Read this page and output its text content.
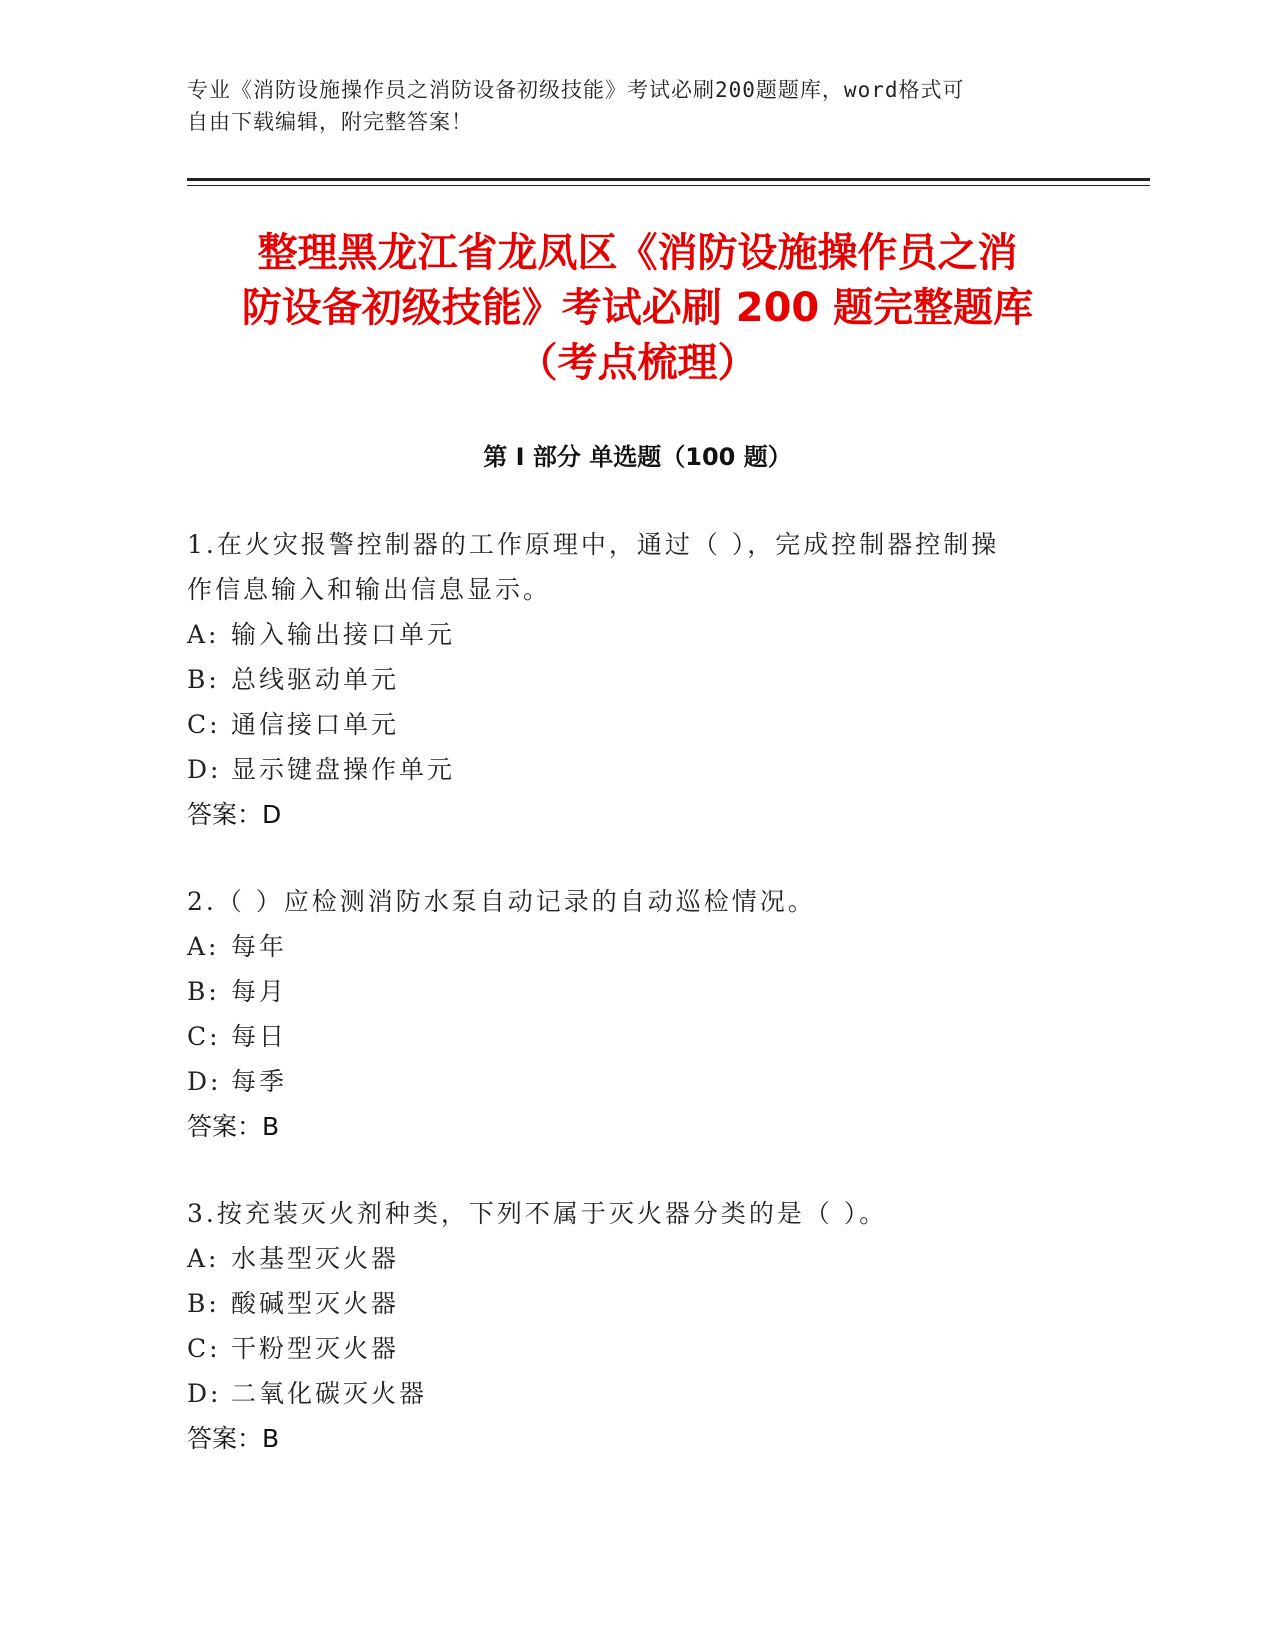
专业《消防设施操作员之消防设备初级技能》考试必刷200题题库，word格式可
自由下载编辑，附完整答案！
整理黑龙江省龙凤区《消防设施操作员之消
防设备初级技能》考试必刷 200 题完整题库
（考点梳理）
第 I 部分 单选题（100 题）

1.在火灾报警控制器的工作原理中，通过（ ），完成控制器控制操

作信息输入和输出信息显示。

A: 输入输出接口单元
B: 总线驱动单元
C: 通信接口单元
D: 显示键盘操作单元

答案：D

2.（ ）应检测消防水泵自动记录的自动巡检情况。

A: 每年
B: 每月
C: 每日
D: 每季

答案：B

3.按充装灭火剂种类，下列不属于灭火器分类的是（ ）。

A: 水基型灭火器
B: 酸碱型灭火器
C: 干粉型灭火器
D: 二氧化碳灭火器

答案：B
